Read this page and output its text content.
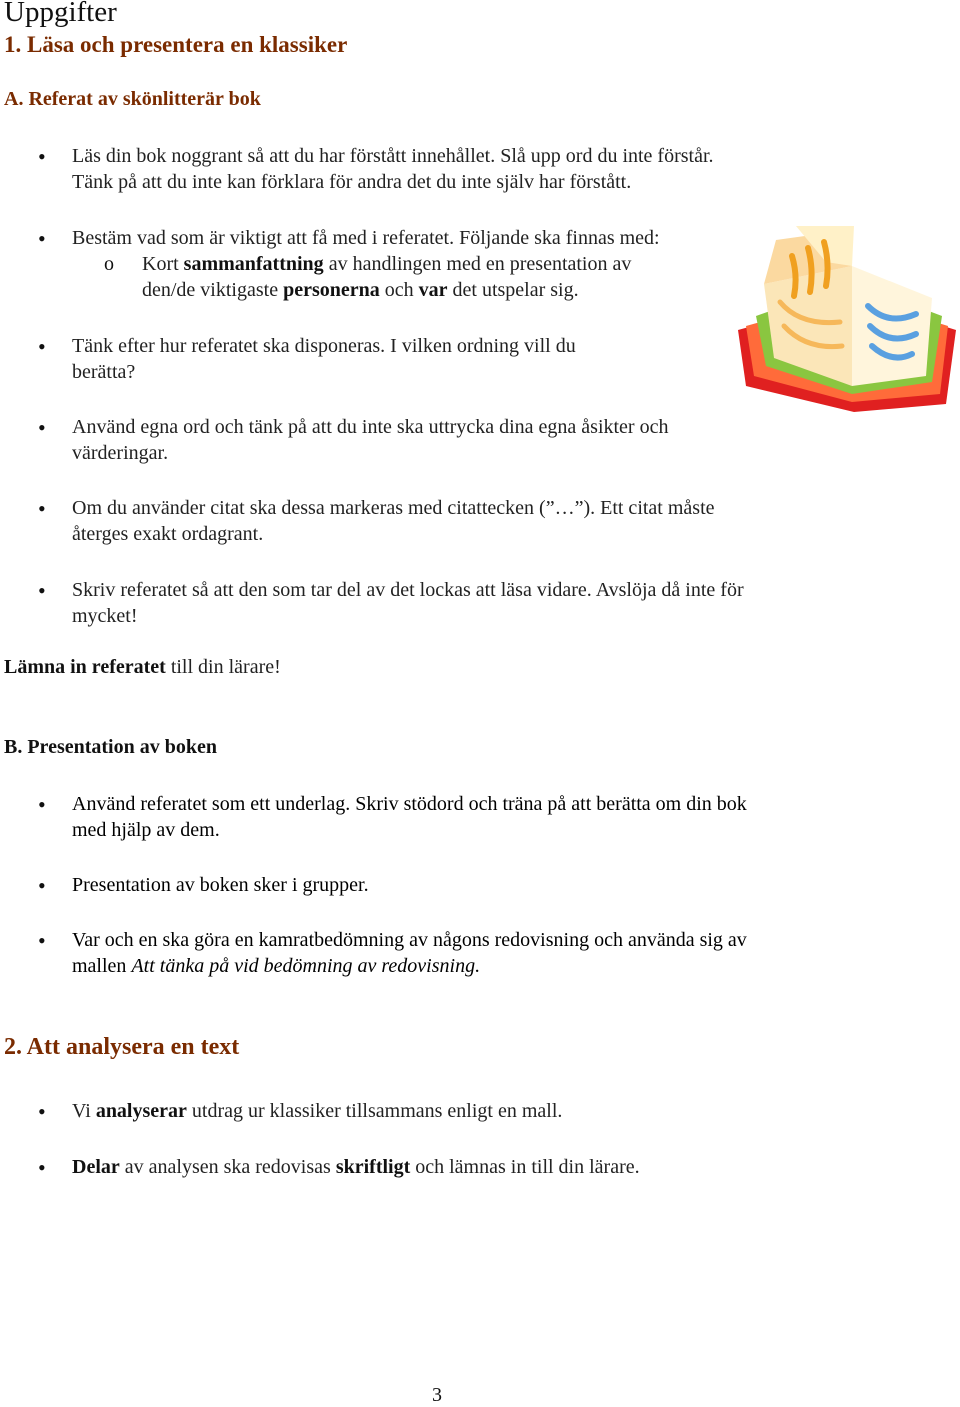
Uppgifter
1. Läsa och presentera en klassiker
A. Referat av skönlitterär bok
• Läs din bok noggrant så att du har förstått innehållet. Slå upp ord du inte förstår.
Tänk på att du inte kan förklara för andra det du inte själv har förstått.
• Bestäm vad som är viktigt att få med i referatet. Följande ska finnas med:
o Kort sammanfattning av handlingen med en presentation av
den/de viktigaste personerna och var det utspelar sig.
• Tänk efter hur referatet ska disponeras. I vilken ordning vill du
berätta?
• Använd egna ord och tänk på att du inte ska uttrycka dina egna åsikter och
värderingar.
• Om du använder citat ska dessa markeras med citattecken (”…”). Ett citat måste
återges exakt ordagrant.
• Skriv referatet så att den som tar del av det lockas att läsa vidare. Avslöja då inte för
mycket!
Lämna in referatet till din lärare!
B. Presentation av boken
• Använd referatet som ett underlag. Skriv stödord och träna på att berätta om din bok
med hjälp av dem.
• Presentation av boken sker i grupper.
• Var och en ska göra en kamratbedömning av någons redovisning och använda sig av
mallen Att tänka på vid bedömning av redovisning.
2. Att analysera en text
• Vi analyserar utdrag ur klassiker tillsammans enligt en mall.
• Delar av analysen ska redovisas skriftligt och lämnas in till din lärare.
3
